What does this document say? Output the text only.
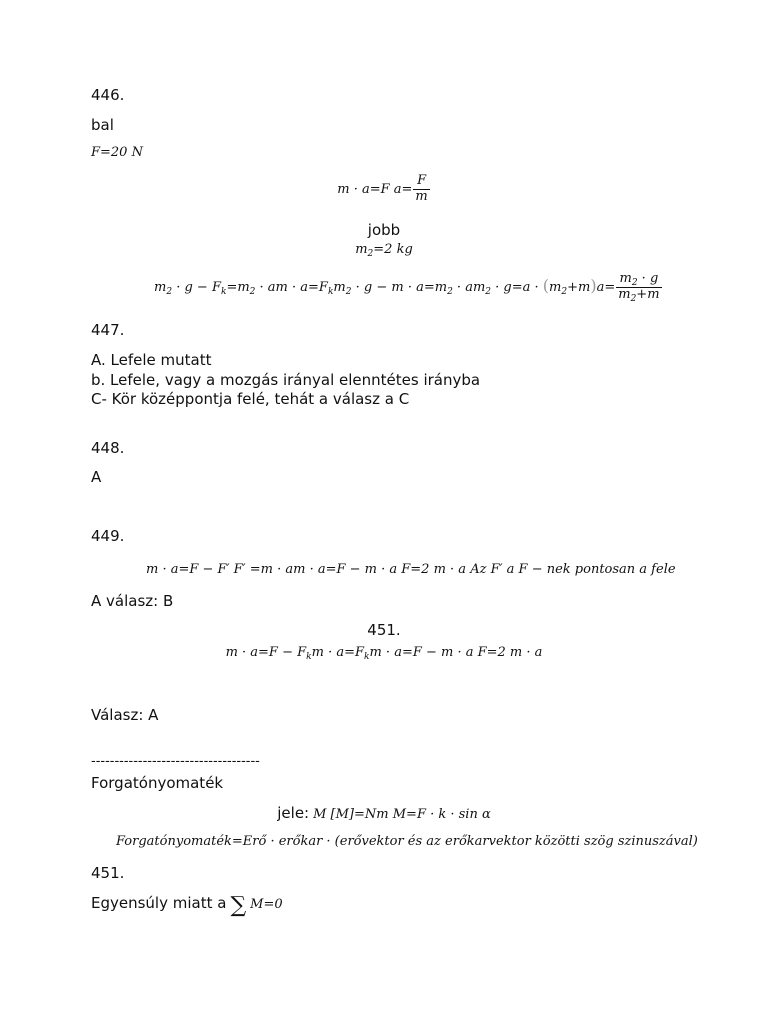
446.
bal
F=20 N
m · a=F $a= \frac{F}{m}$
jobb
$m_2=2$ kg
$m_2 \cdot g - F_k=m_2$ · am · $a=F_km_2 \cdot g - m \cdot a=m_2 \cdot am_2 \cdot g=a \cdot (m_2+m)a= \frac{m_2 \cdot g}{m_2+m}$
447.
A. Lefele mutatt
b. Lefele, vagy a mozgás irányal elenntétes irányba
C- Kör középpontja felé, tehát a válasz a C
448.
A
449.
m · a=F − F′ F′ =m · am · a=F − m · a F=2 m · a Az F′ a F − nek pontosan a fele
A válasz: B
451.
$m \cdot a=F - F_km \cdot a=F_km \cdot a=F - m \cdot a$ F=2 m · a
Válasz: A
------------------------------------
Forgatónyomaték
jele: M [M]=Nm M=F · k · sin α
Forgatónyomaték=Erő · erőkar · (erővektor és az erőkarvektor közötti szög szinuszával)
451.
Egyensúly miatt a ∑ M=0
